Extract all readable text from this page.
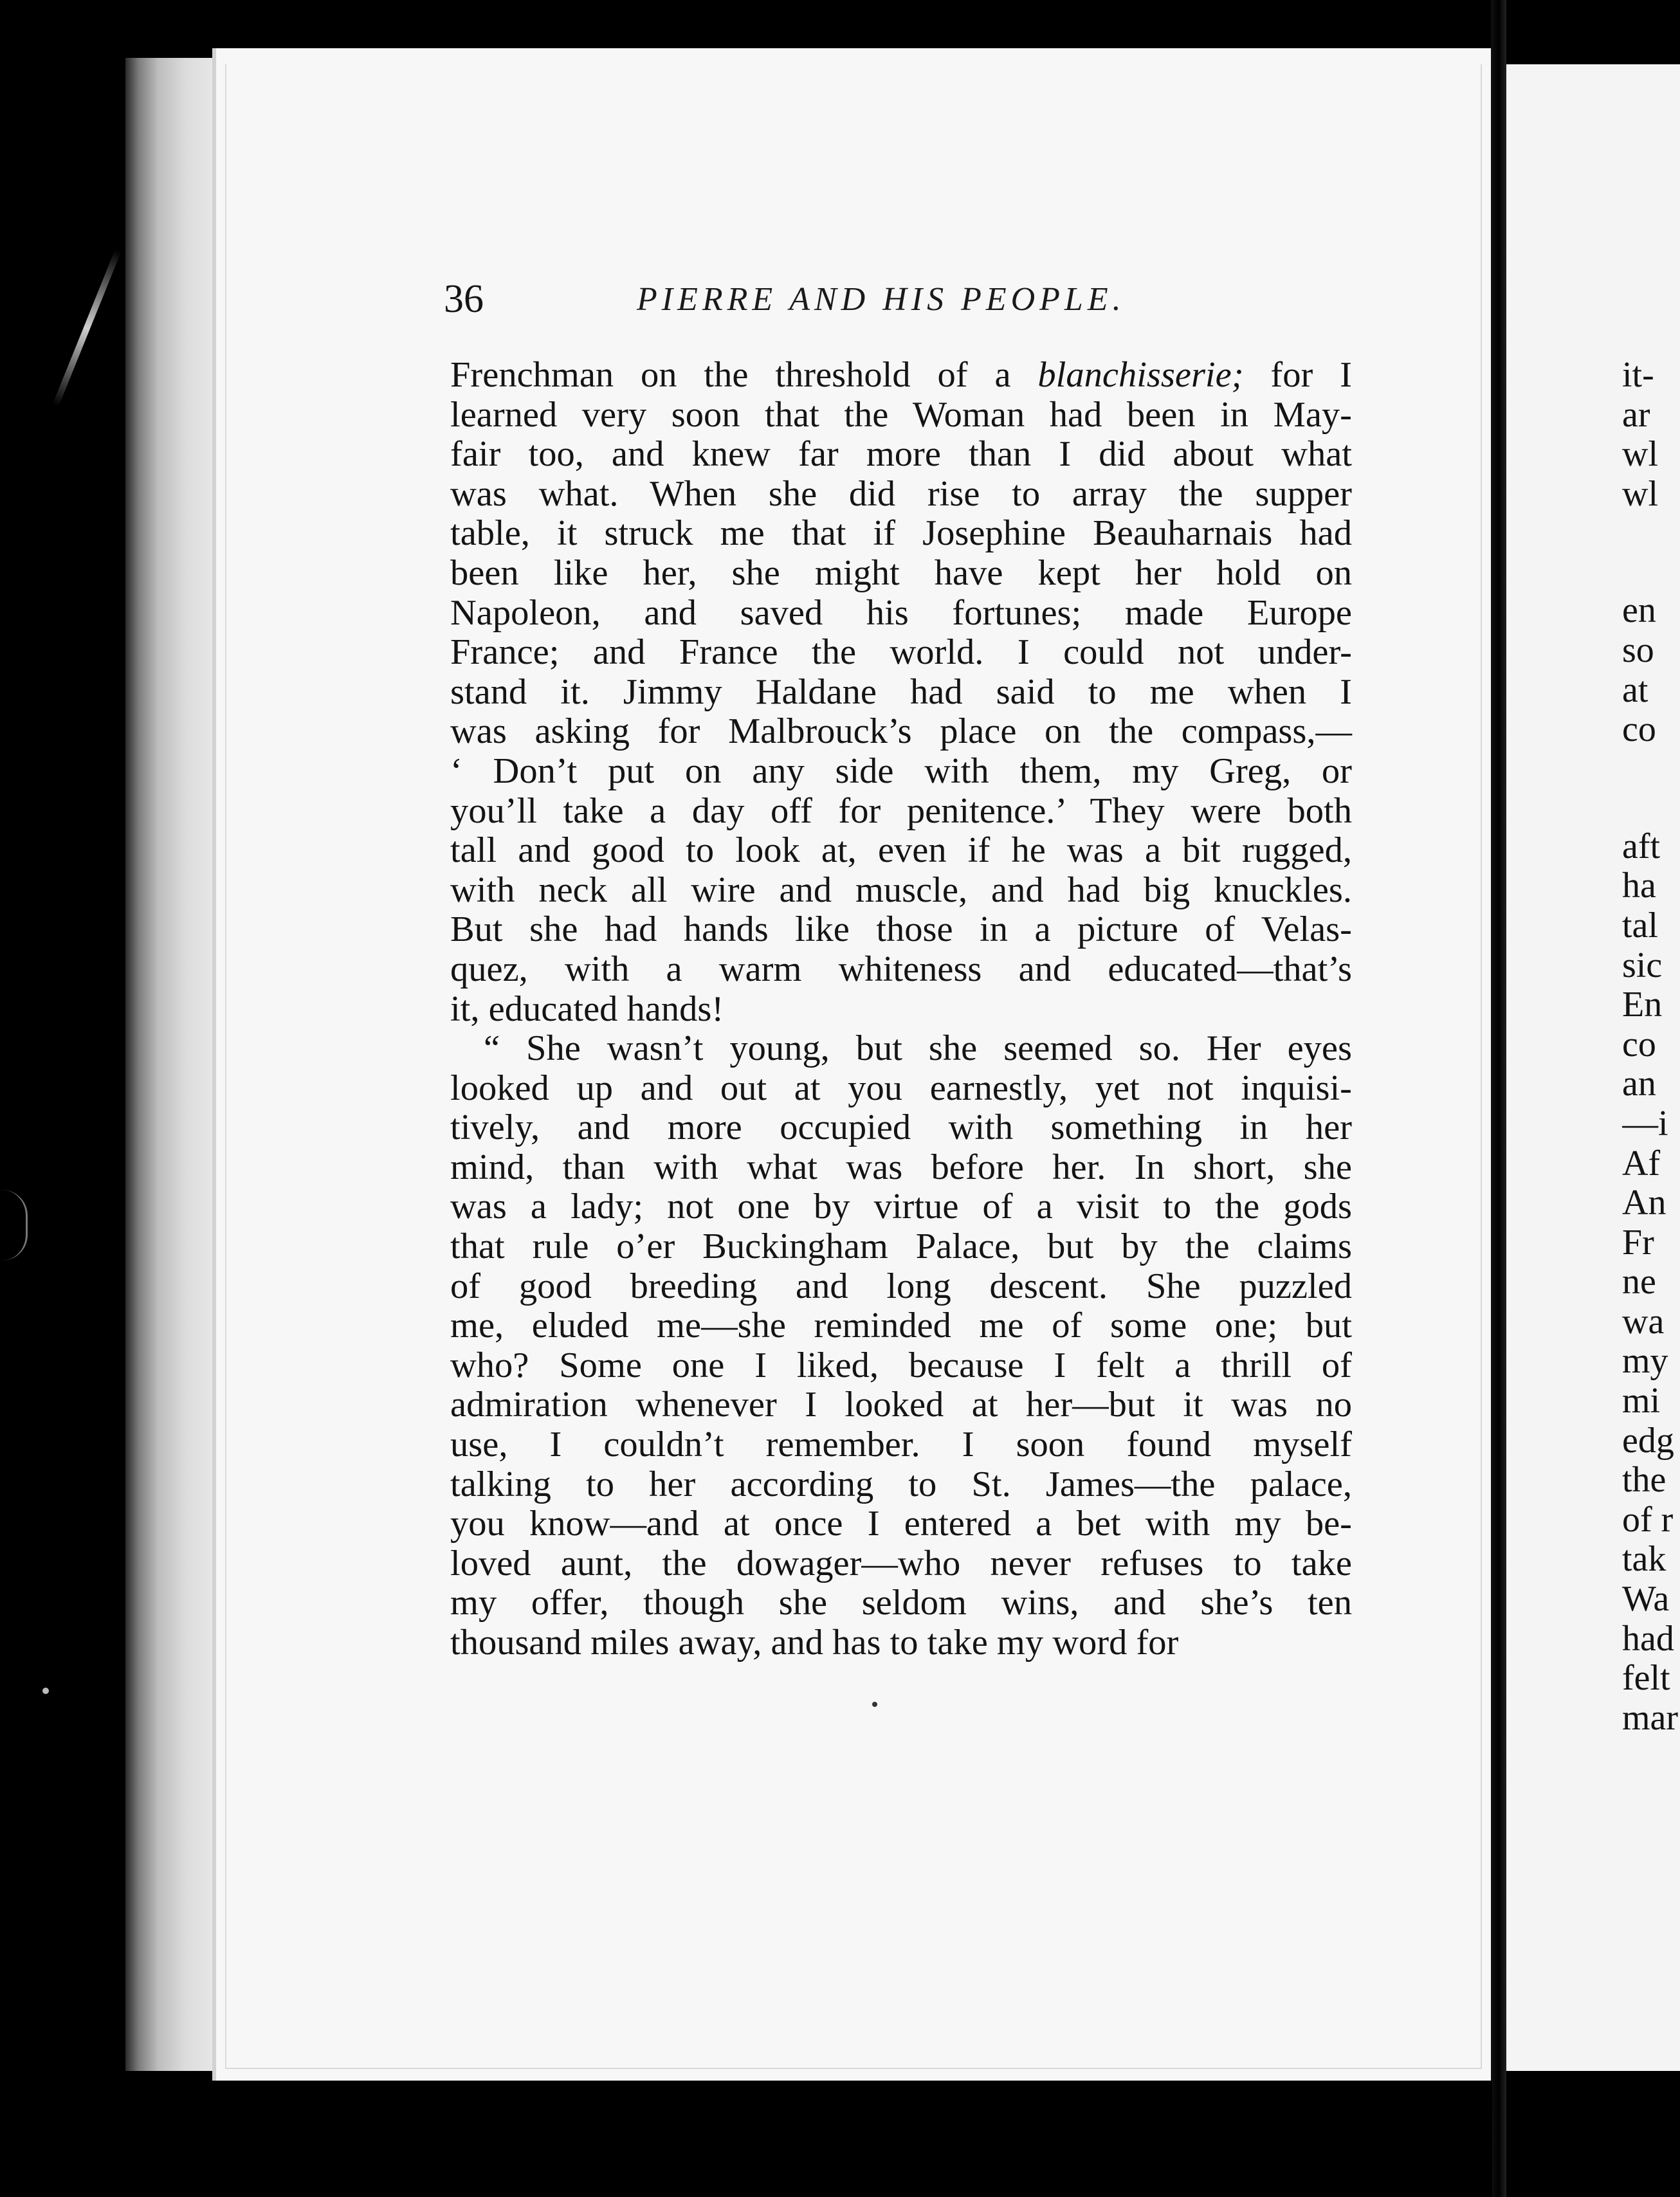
36	PIERRE AND HIS PEOPLE.
Frenchman on the threshold of a blanchisserie; for I
learned very soon that the Woman had been in May-
fair too, and knew far more than I did about what
was what. When she did rise to array the supper
table, it struck me that if Josephine Beauharnais had
been like her, she might have kept her hold on
Napoleon, and saved his fortunes; made Europe
France; and France the world. I could not under-
stand it. Jimmy Haldane had said to me when I
was asking for Malbrouck’s place on the compass,—
‘ Don’t put on any side with them, my Greg, or
you’ll take a day off for penitence.’ They were both
tall and good to look at, even if he was a bit rugged,
with neck all wire and muscle, and had big knuckles.
But she had hands like those in a picture of Velas-
quez, with a warm whiteness and educated—that’s
it, educated hands!
“ She wasn’t young, but she seemed so. Her eyes
looked up and out at you earnestly, yet not inquisi-
tively, and more occupied with something in her
mind, than with what was before her. In short, she
was a lady; not one by virtue of a visit to the gods
that rule o’er Buckingham Palace, but by the claims
of good breeding and long descent. She puzzled
me, eluded me—she reminded me of some one; but
who? Some one I liked, because I felt a thrill of
admiration whenever I looked at her—but it was no
use, I couldn’t remember. I soon found myself
talking to her according to St. James—the palace,
you know—and at once I entered a bet with my be-
loved aunt, the dowager—who never refuses to take
my offer, though she seldom wins, and she’s ten
thousand miles away, and has to take my word for
it-
ar
wl
wl
en
so
at
co
aft
ha
tal
sic
En
co
an
—i
Af
An
Fr
ne
wa
my
mi
edg
the
of r
tak
Wa
had
felt
mar
